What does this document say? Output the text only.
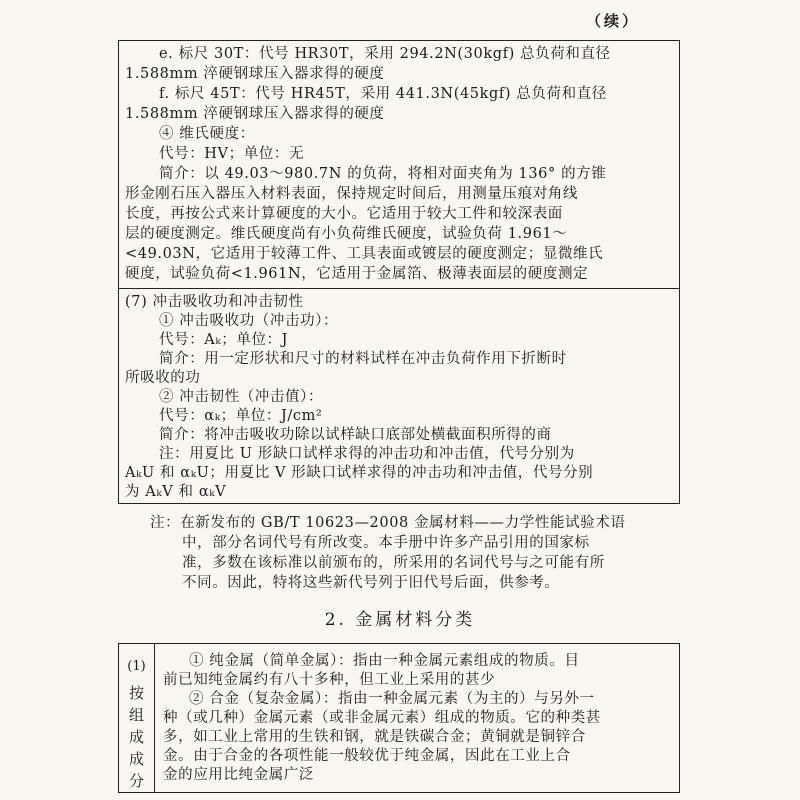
（续）
e. 标尺 30T：代号 HR30T，采用 294.2N(30kgf) 总负荷和直径
1.588mm 淬硬钢球压入器求得的硬度
f. 标尺 45T：代号 HR45T，采用 441.3N(45kgf) 总负荷和直径
1.588mm 淬硬钢球压入器求得的硬度
④ 维氏硬度：
代号：HV；单位：无
简介：以 49.03～980.7N 的负荷，将相对面夹角为 136° 的方锥
形金刚石压入器压入材料表面，保持规定时间后，用测量压痕对角线
长度，再按公式来计算硬度的大小。它适用于较大工件和较深表面
层的硬度测定。维氏硬度尚有小负荷维氏硬度，试验负荷 1.961～
<49.03N，它适用于较薄工件、工具表面或镀层的硬度测定；显微维氏
硬度，试验负荷<1.961N，它适用于金属箔、极薄表面层的硬度测定
(7) 冲击吸收功和冲击韧性
① 冲击吸收功（冲击功）：
代号：Aₖ；单位：J
简介：用一定形状和尺寸的材料试样在冲击负荷作用下折断时
所吸收的功
② 冲击韧性（冲击值）：
代号：αₖ；单位：J/cm²
简介：将冲击吸收功除以试样缺口底部处横截面积所得的商
注：用夏比 U 形缺口试样求得的冲击功和冲击值，代号分别为
AₖU 和 αₖU；用夏比 V 形缺口试样求得的冲击功和冲击值，代号分别
为 AₖV 和 αₖV
注：在新发布的 GB/T 10623—2008 金属材料——力学性能试验术语
中，部分名词代号有所改变。本手册中许多产品引用的国家标
准，多数在该标准以前颁布的，所采用的名词代号与之可能有所
不同。因此，特将这些新代号列于旧代号后面，供参考。
2. 金属材料分类
(1)
按
组
成
成
分
① 纯金属（简单金属）：指由一种金属元素组成的物质。目
前已知纯金属约有八十多种，但工业上采用的甚少
② 合金（复杂金属）：指由一种金属元素（为主的）与另外一
种（或几种）金属元素（或非金属元素）组成的物质。它的种类甚
多，如工业上常用的生铁和钢，就是铁碳合金；黄铜就是铜锌合
金。由于合金的各项性能一般较优于纯金属，因此在工业上合
金的应用比纯金属广泛
